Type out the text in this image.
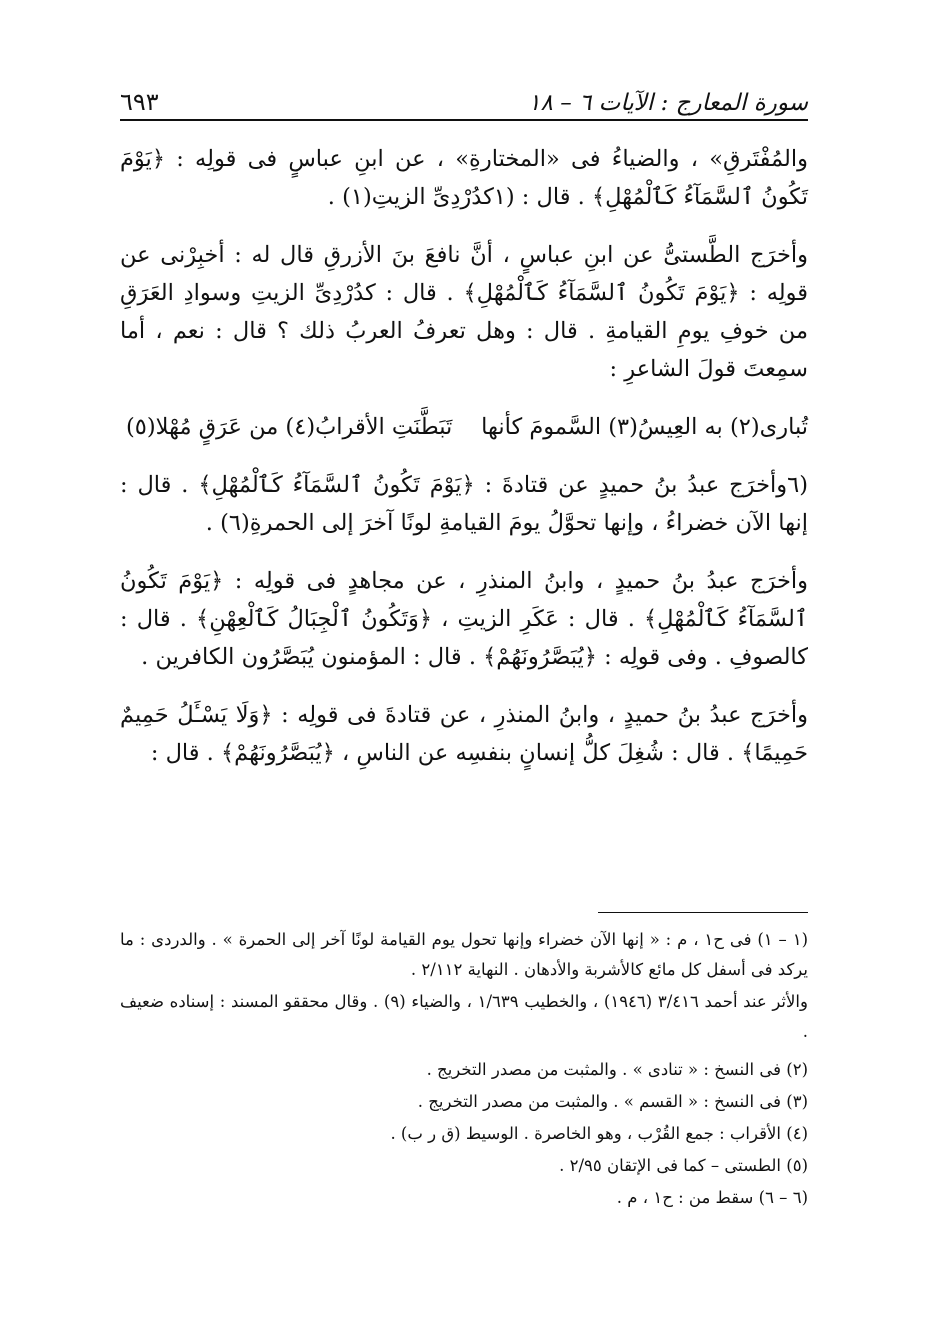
سورة المعارج : الآيات ٦ – ١٨
٦٩٣

والمُفْتَرقِ» ، والضياءُ فى «المختارةِ» ، عن ابنِ عباسٍ فى قولِه : ﴿يَوْمَ تَكُونُ ٱلسَّمَآءُ كَٱلْمُهْلِ﴾ . قال : (١كدُرْدِىِّ الزيتِ(١) .

وأخرَج الطَّستىُّ عن ابنِ عباسٍ ، أنَّ نافعَ بنَ الأزرقِ قال له : أخبِرْنى عن قولِه : ﴿يَوْمَ تَكُونُ ٱلسَّمَآءُ كَٱلْمُهْلِ﴾ . قال : كدُرْدِىِّ الزيتِ وسوادِ العَرَقِ من خوفِ يومِ القيامةِ . قال : وهل تعرفُ العربُ ذلك ؟ قال : نعم ، أما سمِعتَ قولَ الشاعرِ :

تُبارى(٢) به العِيسُ(٣) السَّمومَ كأنها
تَبَطَّنَتِ الأقرابُ(٤) من عَرَقٍ مُهْلا(٥)

(٦وأخرَج عبدُ بنُ حميدٍ عن قتادةَ : ﴿يَوْمَ تَكُونُ ٱلسَّمَآءُ كَٱلْمُهْلِ﴾ . قال : إنها الآن خضراءُ ، وإنها تحوَّلُ يومَ القيامةِ لونًا آخرَ إلى الحمرةِ(٦) .

وأخرَج عبدُ بنُ حميدٍ ، وابنُ المنذرِ ، عن مجاهدٍ فى قولِه : ﴿يَوْمَ تَكُونُ ٱلسَّمَآءُ كَٱلْمُهْلِ﴾ . قال : عَكَرِ الزيتِ ، ﴿وَتَكُونُ ٱلْجِبَالُ كَٱلْعِهْنِ﴾ . قال : كالصوفِ . وفى قولِه : ﴿يُبَصَّرُونَهُمْ﴾ . قال : المؤمنون يُبَصَّرُون الكافرين .

وأخرَج عبدُ بنُ حميدٍ ، وابنُ المنذرِ ، عن قتادةَ فى قولِه : ﴿وَلَا يَسْـَٔلُ حَمِيمٌ حَمِيمًا﴾ . قال : شُغِلَ كلُّ إنسانٍ بنفسِه عن الناسِ ، ﴿يُبَصَّرُونَهُمْ﴾ . قال :

(١ – ١) فى ح١ ، م : « إنها الآن خضراء وإنها تحول يوم القيامة لونًا آخر إلى الحمرة » . والدردى : ما يركد فى أسفل كل مائع كالأشربة والأدهان . النهاية ٢/١١٢ .

والأثر عند أحمد ٣/٤١٦ (١٩٤٦) ، والخطيب ١/٦٣٩ ، والضياء (٩) . وقال محققو المسند : إسناده ضعيف .

(٢) فى النسخ : « تنادى » . والمثبت من مصدر التخريج .

(٣) فى النسخ : « القسم » . والمثبت من مصدر التخريج .

(٤) الأقراب : جمع القُرْب ، وهو الخاصرة . الوسيط (ق ر ب) .

(٥) الطستى – كما فى الإتقان ٢/٩٥ .

(٦ – ٦) سقط من : ح١ ، م .
